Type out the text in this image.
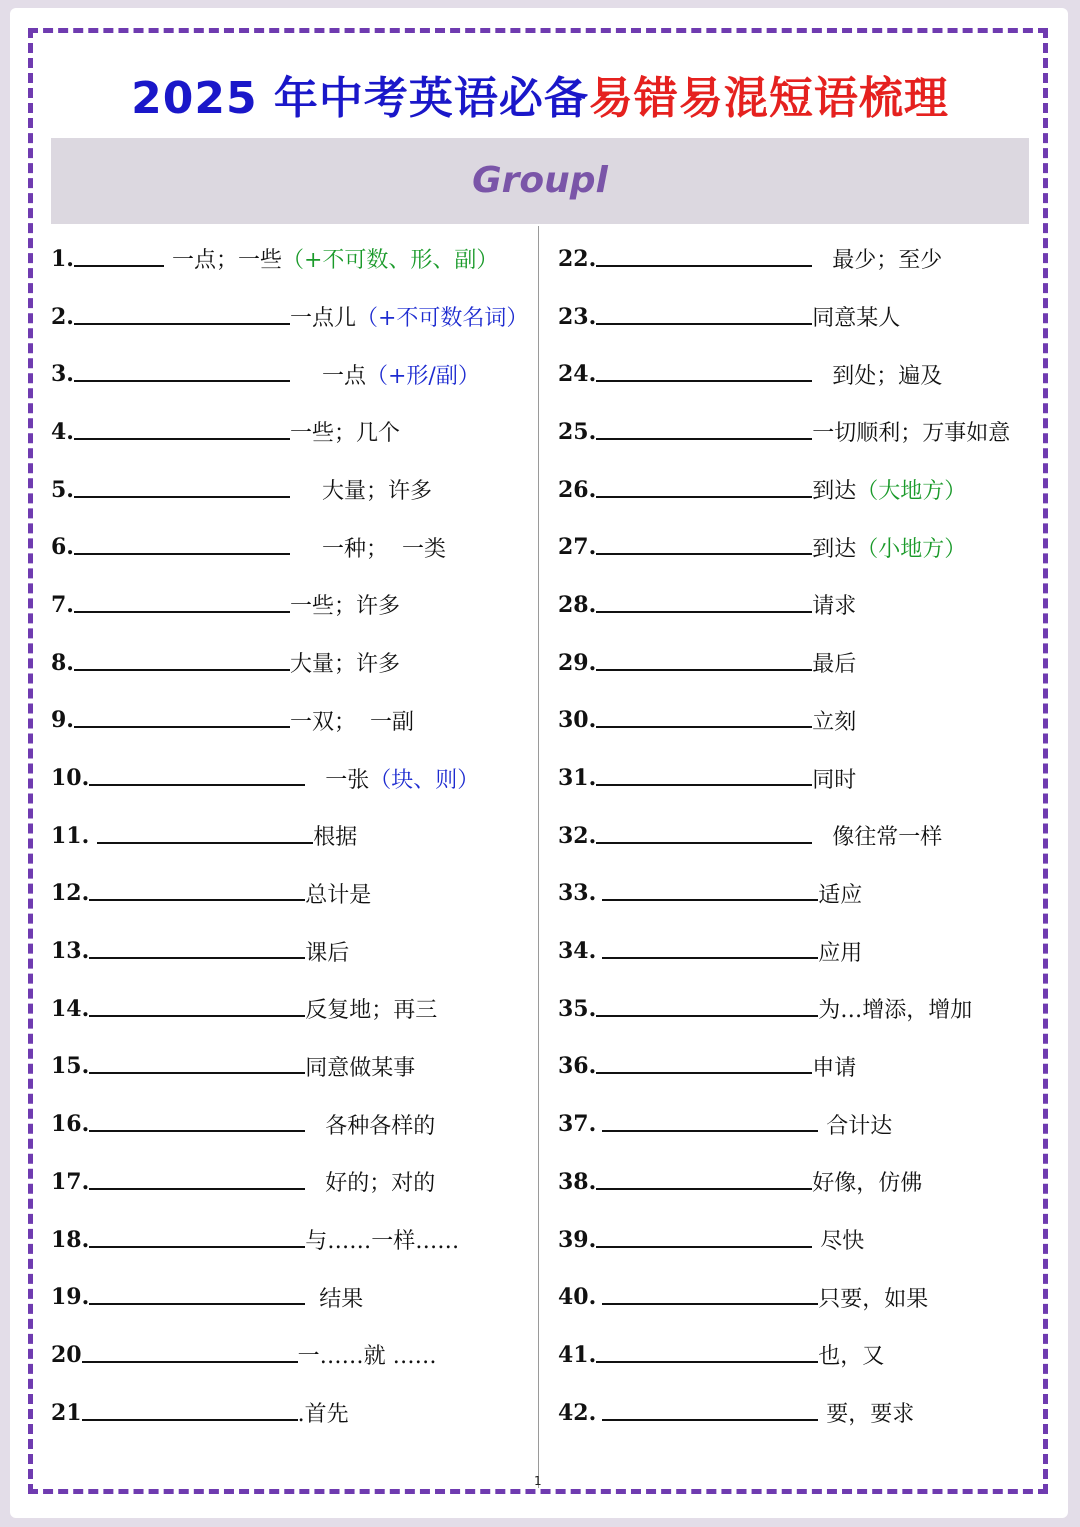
2025 年中考英语必备易错易混短语梳理
Groupl
1.	一点；一些 （+不可数、形、副）
2.	一点儿 （+不可数名词）
3.	一点 （+形/副）
4.	一些；几个
5.	大量；许多
6.	一种；  一类
7.	一些；许多
8.	大量；许多
9.	一双；  一副
10.	一张 （块、则）
11.	根据
12.	总计是
13.	课后
14.	反复地；再三
15.	同意做某事
16.	各种各样的
17.	好的；对的
18.	与……一样……
19.	结果
20	一……就 ……
21	.首先
22.	最少；至少
23.	同意某人
24.	到处；遍及
25.	一切顺利；万事如意
26.	到达 （大地方）
27.	到达 （小地方）
28.	请求
29.	最后
30.	立刻
31.	同时
32.	像往常一样
33.	适应
34.	应用
35.	为…增添，增加
36.	申请
37.	合计达
38.	好像，仿佛
39.	尽快
40.	只要，如果
41.	也，又
42.	要，要求
1
